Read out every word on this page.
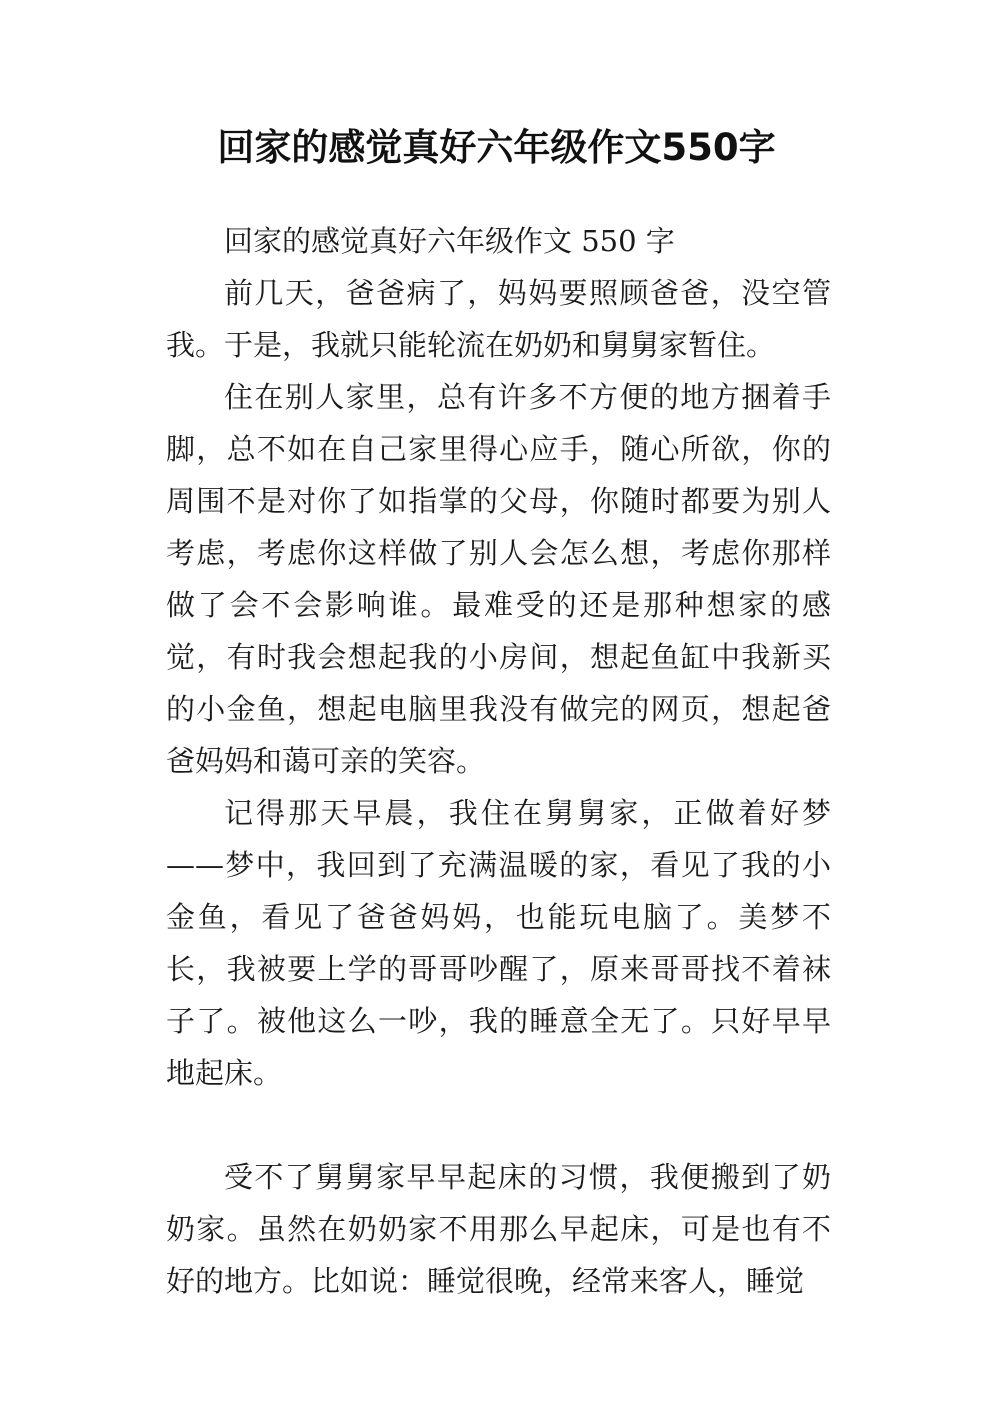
回家的感觉真好六年级作文550字

回家的感觉真好六年级作文 550 字

前几天，爸爸病了，妈妈要照顾爸爸，没空管我。于是，我就只能轮流在奶奶和舅舅家暂住。

住在别人家里，总有许多不方便的地方捆着手脚，总不如在自己家里得心应手，随心所欲，你的周围不是对你了如指掌的父母，你随时都要为别人考虑，考虑你这样做了别人会怎么想，考虑你那样做了会不会影响谁。最难受的还是那种想家的感觉，有时我会想起我的小房间，想起鱼缸中我新买的小金鱼，想起电脑里我没有做完的网页，想起爸爸妈妈和蔼可亲的笑容。

记得那天早晨，我住在舅舅家，正做着好梦——梦中，我回到了充满温暖的家，看见了我的小金鱼，看见了爸爸妈妈，也能玩电脑了。美梦不长，我被要上学的哥哥吵醒了，原来哥哥找不着袜子了。被他这么一吵，我的睡意全无了。只好早早地起床。

受不了舅舅家早早起床的习惯，我便搬到了奶奶家。虽然在奶奶家不用那么早起床，可是也有不好的地方。比如说：睡觉很晚，经常来客人，睡觉
